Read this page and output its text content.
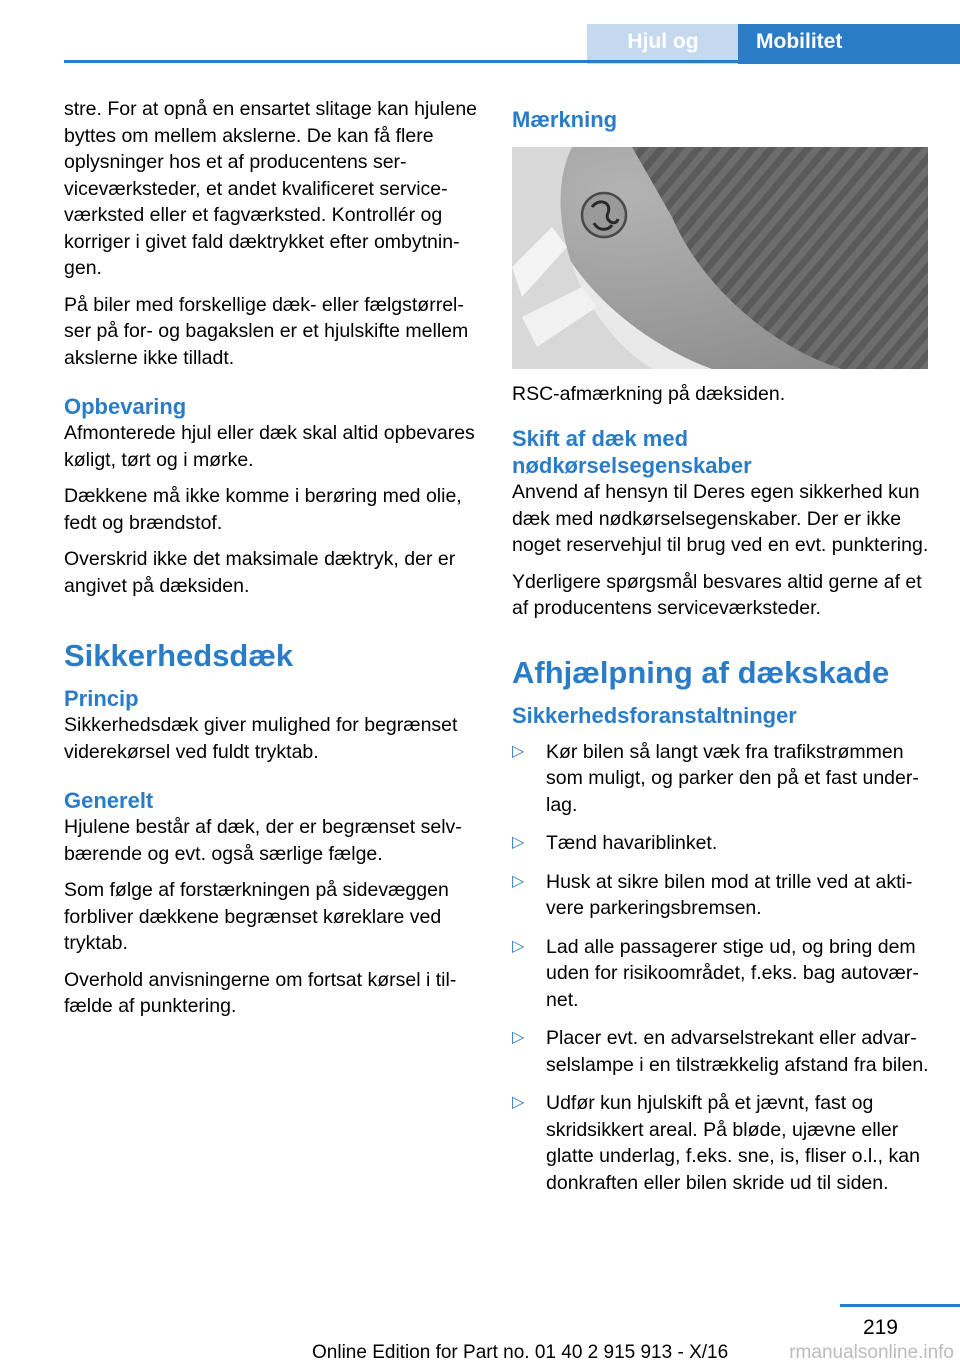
Hjul og dæk
Mobilitet

stre. For at opnå en ensartet slitage kan hjulene byttes om mellem akslerne. De kan få flere oplysninger hos et af producentens serviceværksteder, et andet kvalificeret serviceværksted eller et fagværksted. Kontrollér og korriger i givet fald dæktrykket efter ombytningen.

På biler med forskellige dæk- eller fælgstørrelser på for- og bagakslen er et hjulskifte mellem akslerne ikke tilladt.

Opbevaring

Afmonterede hjul eller dæk skal altid opbevares køligt, tørt og i mørke.

Dækkene må ikke komme i berøring med olie, fedt og brændstof.

Overskrid ikke det maksimale dæktryk, der er angivet på dæksiden.

Sikkerhedsdæk
Princip

Sikkerhedsdæk giver mulighed for begrænset viderekørsel ved fuldt tryktab.

Generelt

Hjulene består af dæk, der er begrænset selvbærende og evt. også særlige fælge.

Som følge af forstærkningen på sidevæggen forbliver dækkene begrænset køreklare ved tryktab.

Overhold anvisningerne om fortsat kørsel i tilfælde af punktering.

Mærkning

RSC-afmærkning på dæksiden.

Skift af dæk med nødkørselsegenskaber

Anvend af hensyn til Deres egen sikkerhed kun dæk med nødkørselsegenskaber. Der er ikke noget reservehjul til brug ved en evt. punktering.

Yderligere spørgsmål besvares altid gerne af et af producentens serviceværksteder.

Afhjælpning af dækskade
Sikkerhedsforanstaltninger
▷ Kør bilen så langt væk fra trafikstrømmen som muligt, og parker den på et fast underlag.
▷ Tænd havariblinket.
▷ Husk at sikre bilen mod at trille ved at aktivere parkeringsbremsen.
▷ Lad alle passagerer stige ud, og bring dem uden for risikoområdet, f.eks. bag autoværnet.
▷ Placer evt. en advarselstrekant eller advarselslampe i en tilstrækkelig afstand fra bilen.
▷ Udfør kun hjulskift på et jævnt, fast og skridsikkert areal. På bløde, ujævne eller glatte underlag, f.eks. sne, is, fliser o.l., kan donkraften eller bilen skride ud til siden.
219
Online Edition for Part no. 01 40 2 915 913 - X/16	rmanualsonline.info
